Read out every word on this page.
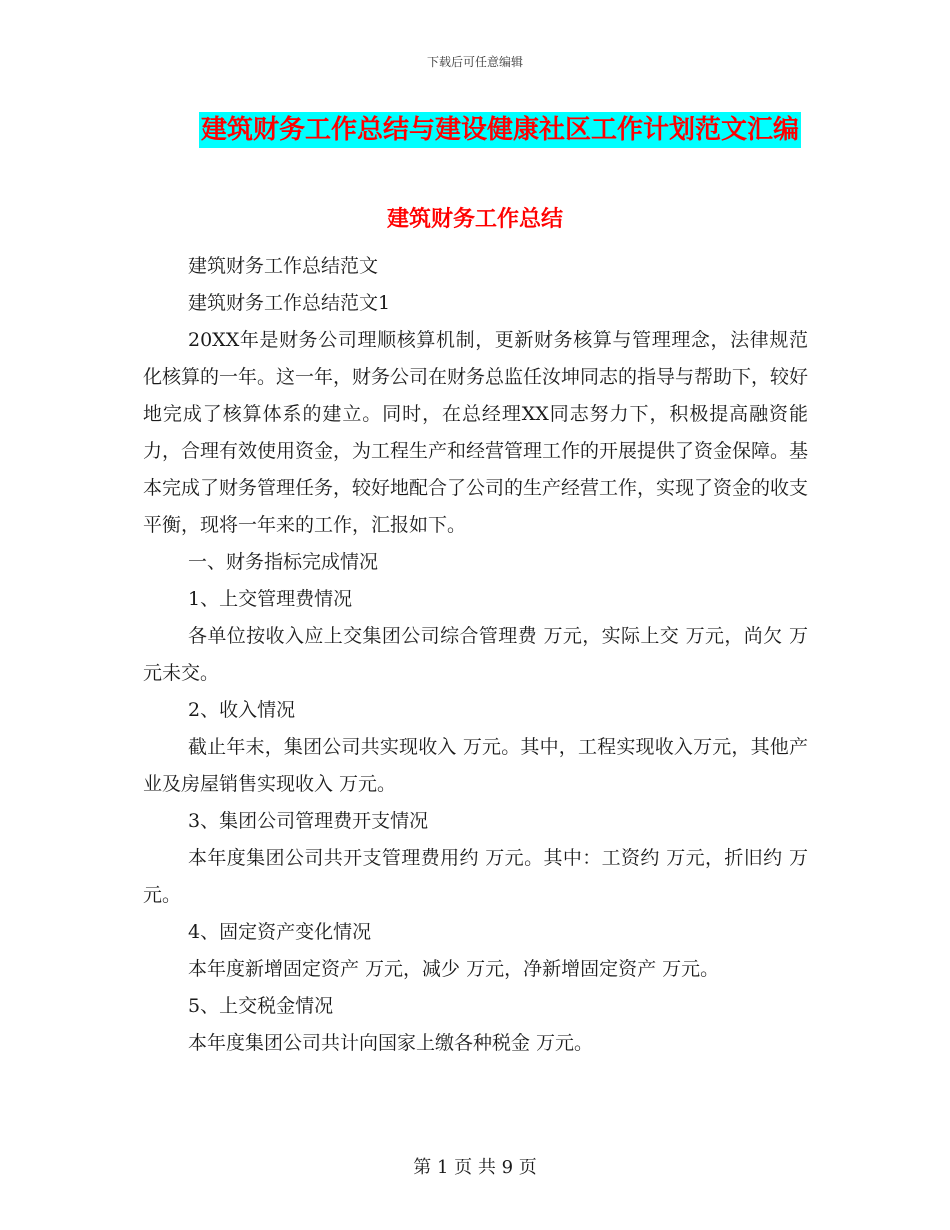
下载后可任意编辑
建筑财务工作总结与建设健康社区工作计划范文汇编
建筑财务工作总结

建筑财务工作总结范文

建筑财务工作总结范文1

20XX年是财务公司理顺核算机制，更新财务核算与管理理念，法律规范化核算的一年。这一年，财务公司在财务总监任汝坤同志的指导与帮助下，较好地完成了核算体系的建立。同时，在总经理XX同志努力下，积极提高融资能力，合理有效使用资金，为工程生产和经营管理工作的开展提供了资金保障。基本完成了财务管理任务，较好地配合了公司的生产经营工作，实现了资金的收支平衡，现将一年来的工作，汇报如下。

一、财务指标完成情况

1、上交管理费情况

各单位按收入应上交集团公司综合管理费 万元，实际上交 万元，尚欠 万元未交。

2、收入情况

截止年末，集团公司共实现收入 万元。其中，工程实现收入万元，其他产业及房屋销售实现收入 万元。

3、集团公司管理费开支情况

本年度集团公司共开支管理费用约 万元。其中：工资约 万元，折旧约 万元。

4、固定资产变化情况

本年度新增固定资产 万元，减少 万元，净新增固定资产 万元。

5、上交税金情况

本年度集团公司共计向国家上缴各种税金 万元。

第 1 页 共 9 页
